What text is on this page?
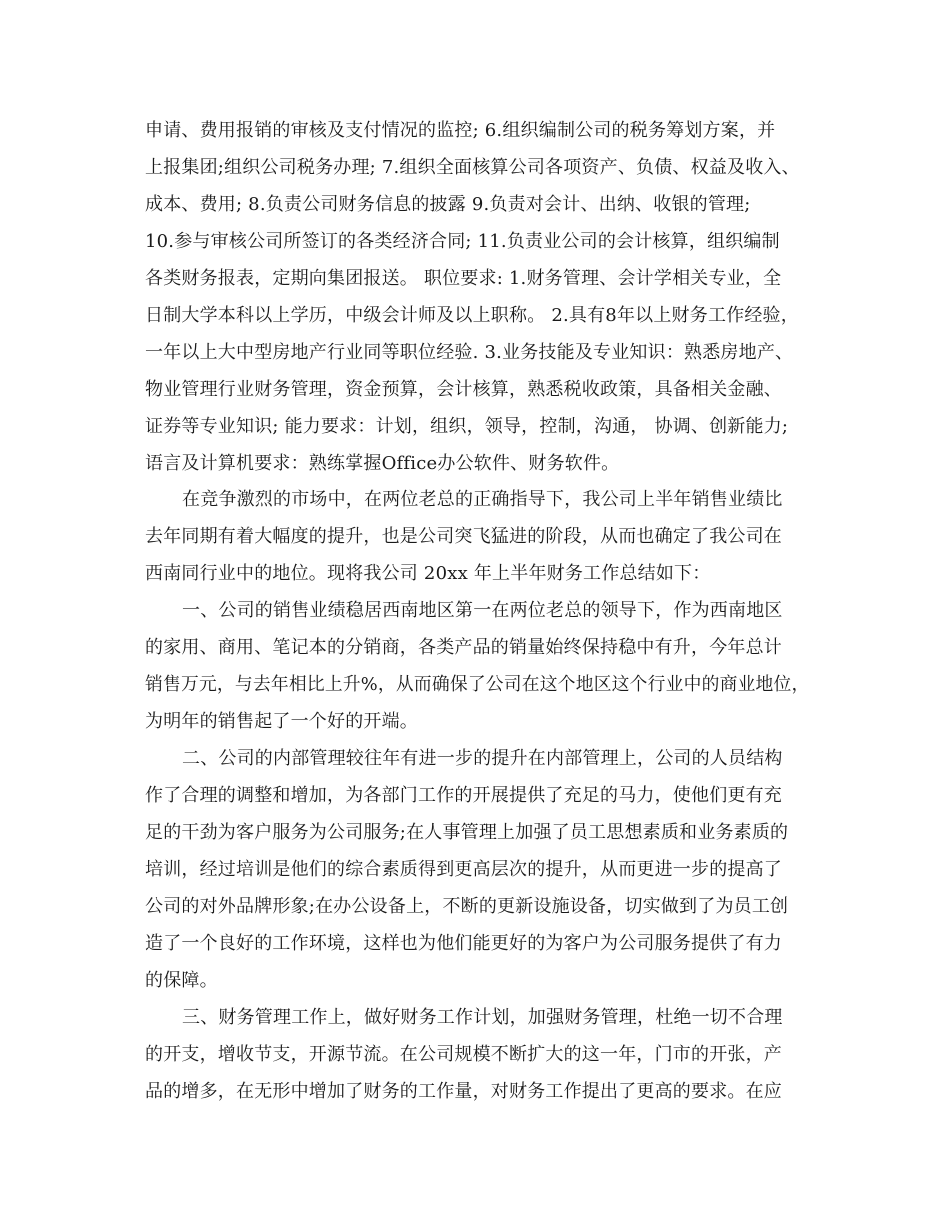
申请、费用报销的审核及支付情况的监控; 6.组织编制公司的税务筹划方案，并
上报集团;组织公司税务办理; 7.组织全面核算公司各项资产、负债、权益及收入、
成本、费用; 8.负责公司财务信息的披露 9.负责对会计、出纳、收银的管理;
10.参与审核公司所签订的各类经济合同; 11.负责业公司的会计核算，组织编制
各类财务报表，定期向集团报送。 职位要求: 1.财务管理、会计学相关专业，全
日制大学本科以上学历，中级会计师及以上职称。 2.具有8年以上财务工作经验，
一年以上大中型房地产行业同等职位经验. 3.业务技能及专业知识：熟悉房地产、
物业管理行业财务管理，资金预算，会计核算，熟悉税收政策，具备相关金融、
证券等专业知识; 能力要求：计划，组织，领导，控制，沟通， 协调、创新能力;
语言及计算机要求：熟练掌握Office办公软件、财务软件。
在竞争激烈的市场中，在两位老总的正确指导下，我公司上半年销售业绩比
去年同期有着大幅度的提升，也是公司突飞猛进的阶段，从而也确定了我公司在
西南同行业中的地位。现将我公司 20xx 年上半年财务工作总结如下：
一、公司的销售业绩稳居西南地区第一在两位老总的领导下，作为西南地区
的家用、商用、笔记本的分销商，各类产品的销量始终保持稳中有升，今年总计
销售万元，与去年相比上升%，从而确保了公司在这个地区这个行业中的商业地位，
为明年的销售起了一个好的开端。
二、公司的内部管理较往年有进一步的提升在内部管理上，公司的人员结构
作了合理的调整和增加，为各部门工作的开展提供了充足的马力，使他们更有充
足的干劲为客户服务为公司服务;在人事管理上加强了员工思想素质和业务素质的
培训，经过培训是他们的综合素质得到更高层次的提升，从而更进一步的提高了
公司的对外品牌形象;在办公设备上，不断的更新设施设备，切实做到了为员工创
造了一个良好的工作环境，这样也为他们能更好的为客户为公司服务提供了有力
的保障。
三、财务管理工作上，做好财务工作计划，加强财务管理，杜绝一切不合理
的开支，增收节支，开源节流。在公司规模不断扩大的这一年，门市的开张，产
品的增多，在无形中增加了财务的工作量，对财务工作提出了更高的要求。在应
